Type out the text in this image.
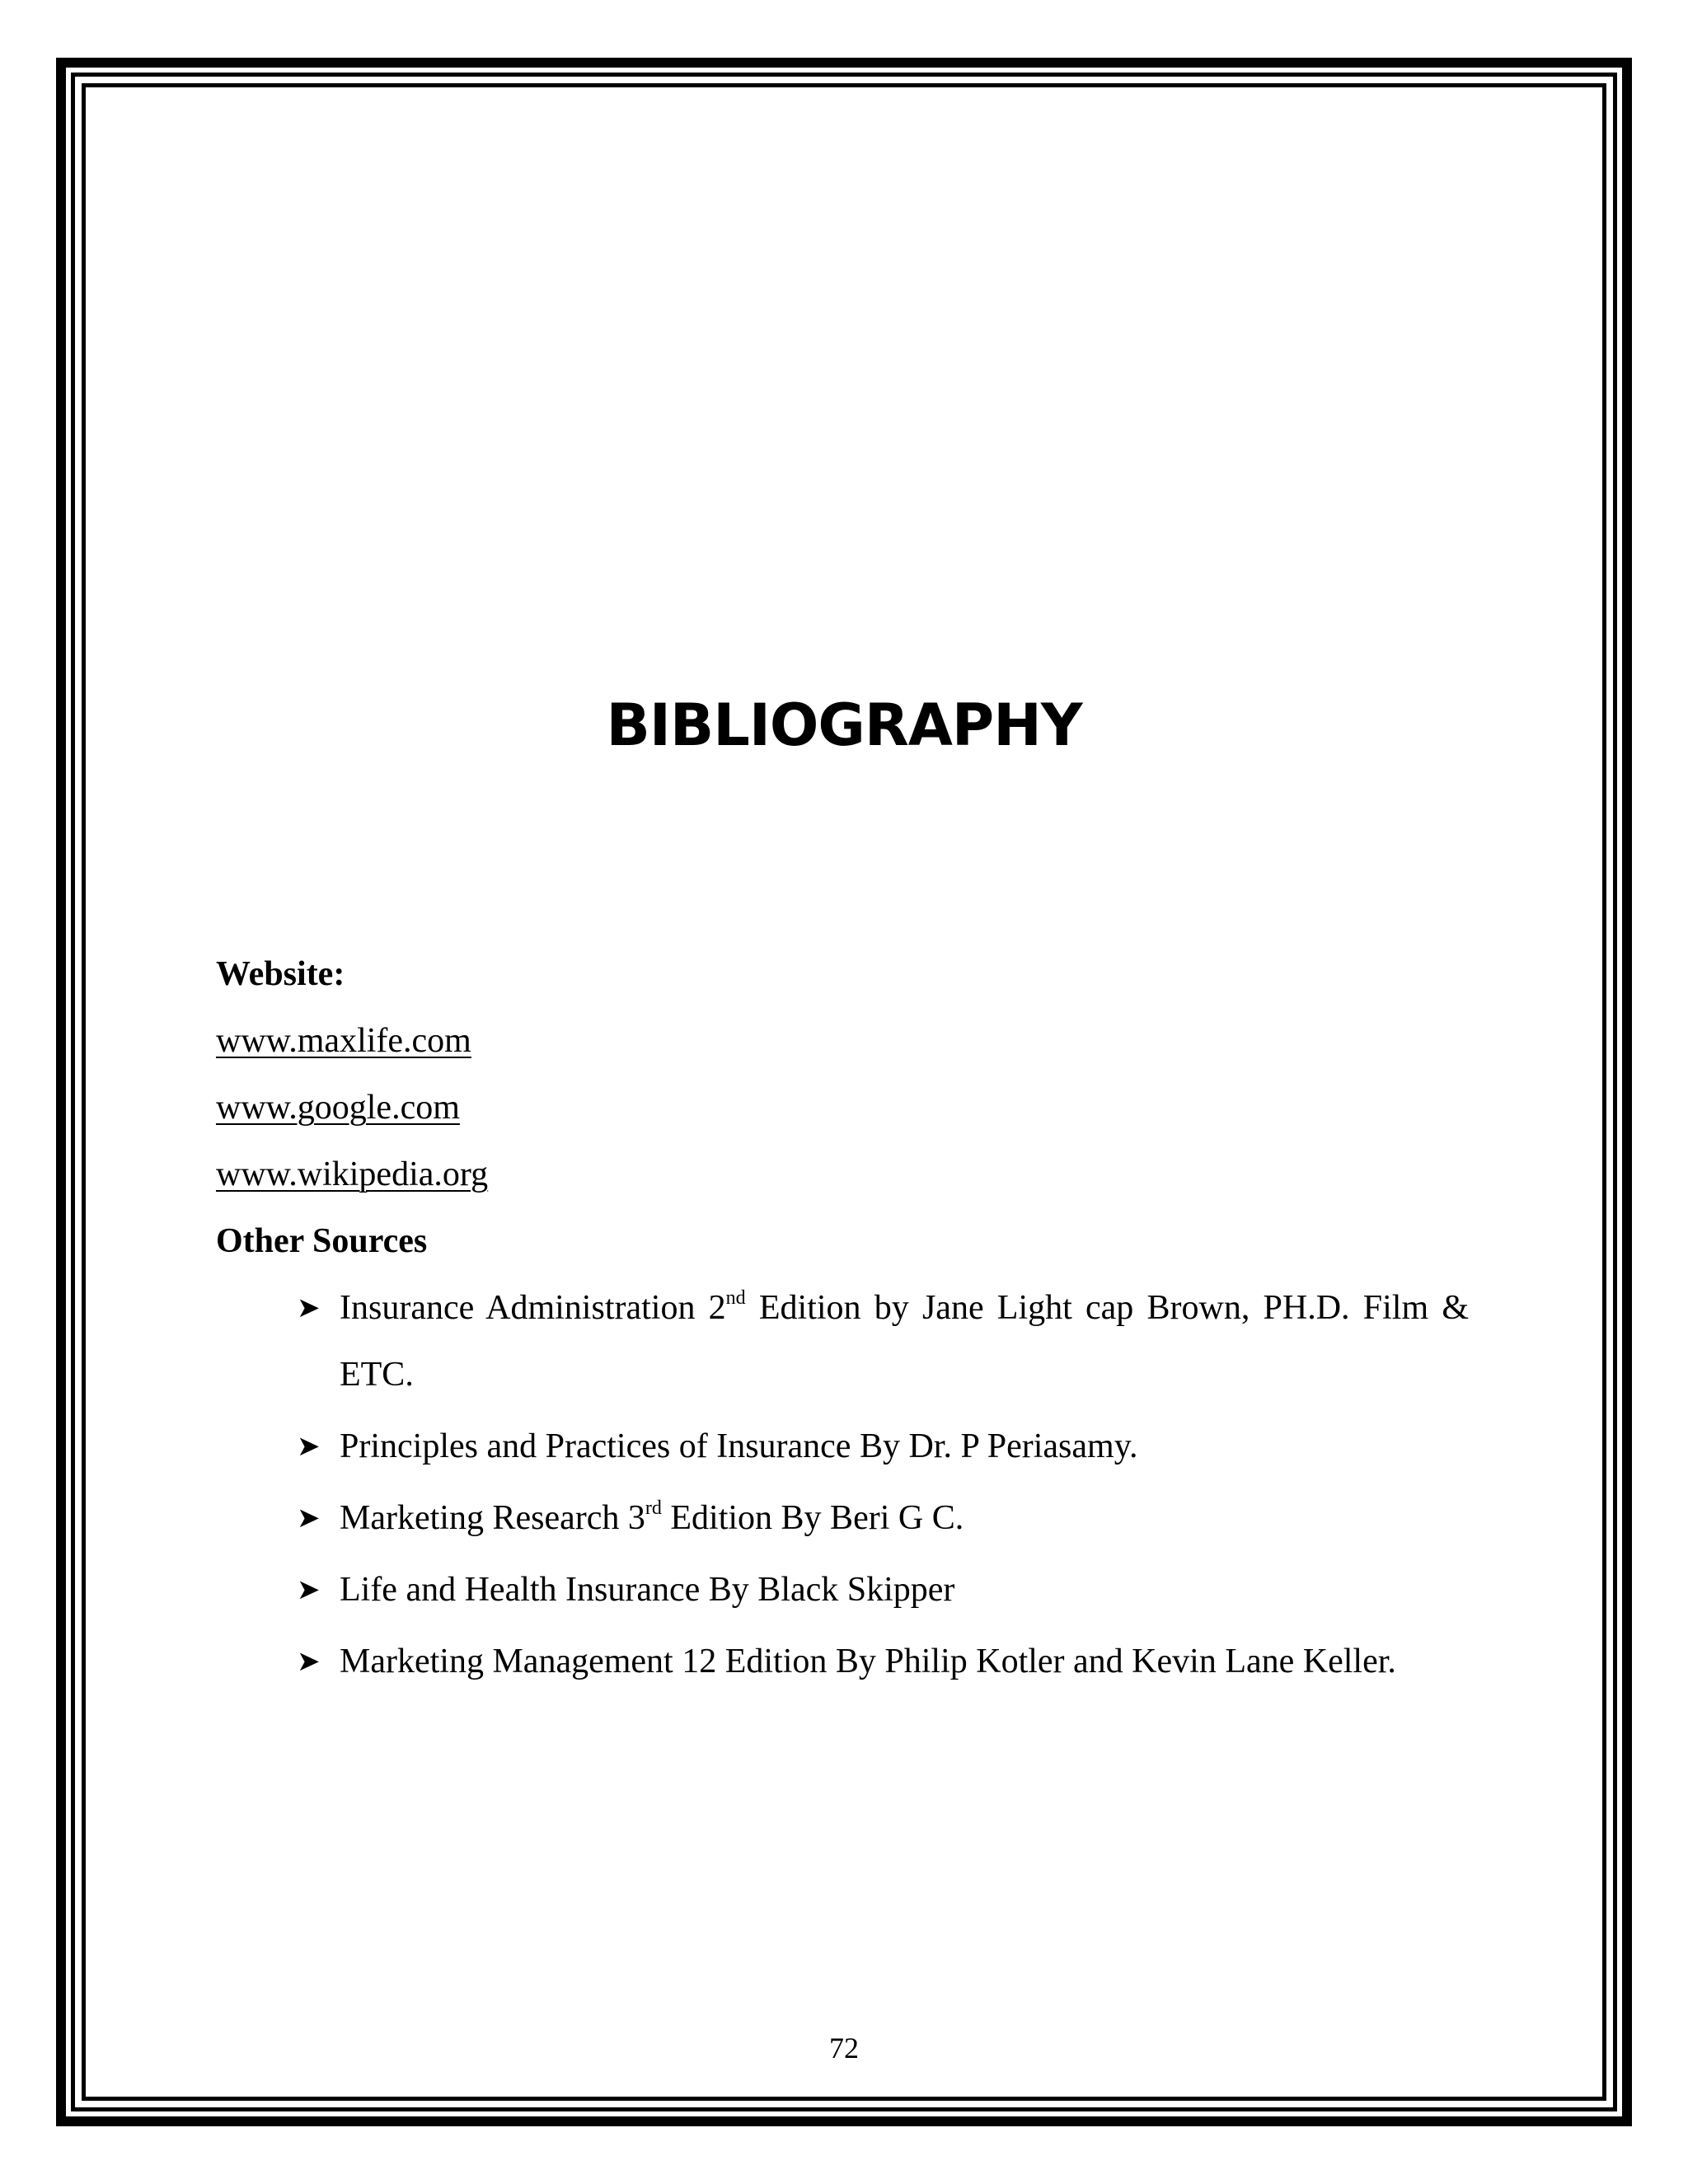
BIBLIOGRAPHY

Website:

www.maxlife.com
www.google.com
www.wikipedia.org

Other Sources

➤ Insurance Administration 2nd Edition by Jane Light cap Brown, PH.D. Film & ETC.
➤ Principles and Practices of Insurance By Dr. P Periasamy.
➤ Marketing Research 3rd Edition By Beri G C.
➤ Life and Health Insurance By Black Skipper
➤ Marketing Management 12 Edition By Philip Kotler and Kevin Lane Keller.
72
